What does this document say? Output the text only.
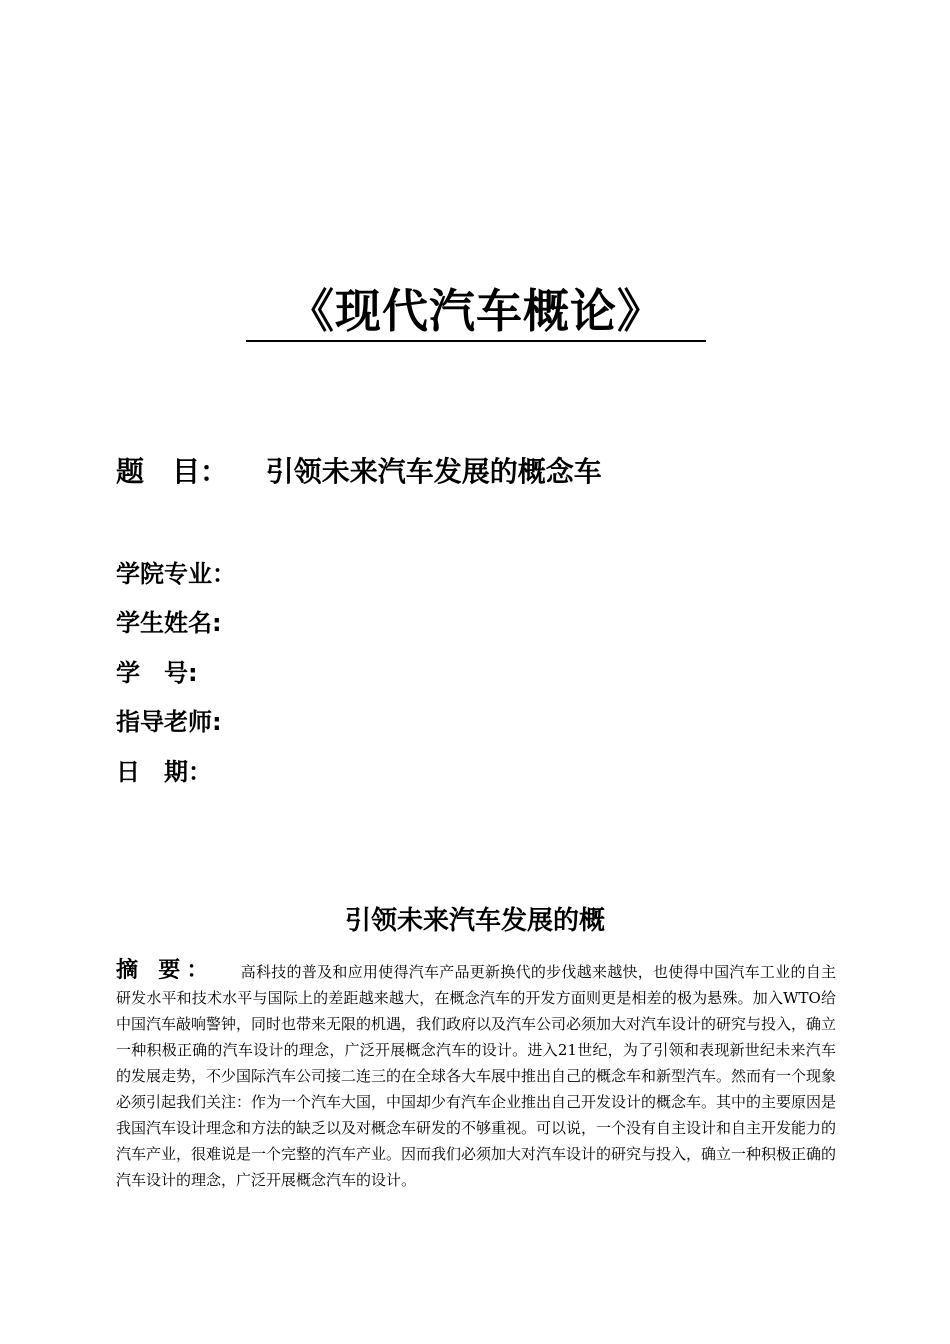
《现代汽车概论》
题　目： 引领未来汽车发展的概念车
学院专业：
学生姓名:
学　号:
指导老师:
日　期：
引领未来汽车发展的概
摘 要： 高科技的普及和应用使得汽车产品更新换代的步伐越来越快，也使得中国汽车工业的自主研发水平和技术水平与国际上的差距越来越大，在概念汽车的开发方面则更是相差的极为悬殊。加入WTO给中国汽车敲响警钟，同时也带来无限的机遇，我们政府以及汽车公司必须加大对汽车设计的研究与投入，确立一种积极正确的汽车设计的理念，广泛开展概念汽车的设计。进入21世纪，为了引领和表现新世纪未来汽车的发展走势，不少国际汽车公司接二连三的在全球各大车展中推出自己的概念车和新型汽车。然而有一个现象必须引起我们关注：作为一个汽车大国，中国却少有汽车企业推出自己开发设计的概念车。其中的主要原因是我国汽车设计理念和方法的缺乏以及对概念车研发的不够重视。可以说，一个没有自主设计和自主开发能力的汽车产业，很难说是一个完整的汽车产业。因而我们必须加大对汽车设计的研究与投入，确立一种积极正确的汽车设计的理念，广泛开展概念汽车的设计。
